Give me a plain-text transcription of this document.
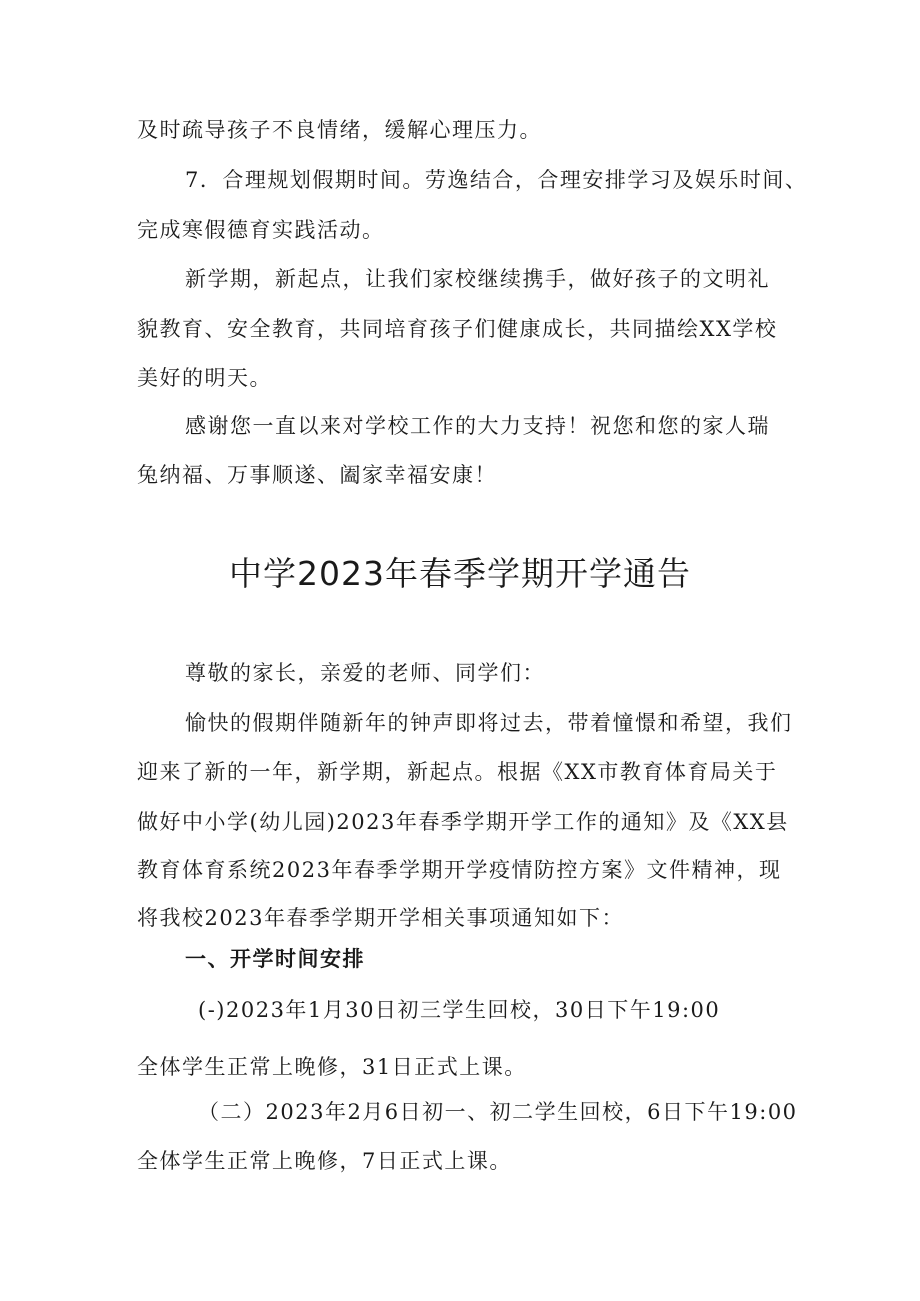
及时疏导孩子不良情绪，缓解心理压力。
7．合理规划假期时间。劳逸结合，合理安排学习及娱乐时间、
完成寒假德育实践活动。
新学期，新起点，让我们家校继续携手，做好孩子的文明礼
貌教育、安全教育，共同培育孩子们健康成长，共同描绘XX学校
美好的明天。
感谢您一直以来对学校工作的大力支持！祝您和您的家人瑞
兔纳福、万事顺遂、阖家幸福安康！
中学2023年春季学期开学通告
尊敬的家长，亲爱的老师、同学们：
愉快的假期伴随新年的钟声即将过去，带着憧憬和希望，我们
迎来了新的一年，新学期，新起点。根据《XX市教育体育局关于
做好中小学(幼儿园)2023年春季学期开学工作的通知》及《XX县
教育体育系统2023年春季学期开学疫情防控方案》文件精神，现
将我校2023年春季学期开学相关事项通知如下：
一、开学时间安排
(-)2023年1月30日初三学生回校，30日下午19:00
全体学生正常上晚修，31日正式上课。
（二）2023年2月6日初一、初二学生回校，6日下午19:00
全体学生正常上晚修，7日正式上课。
